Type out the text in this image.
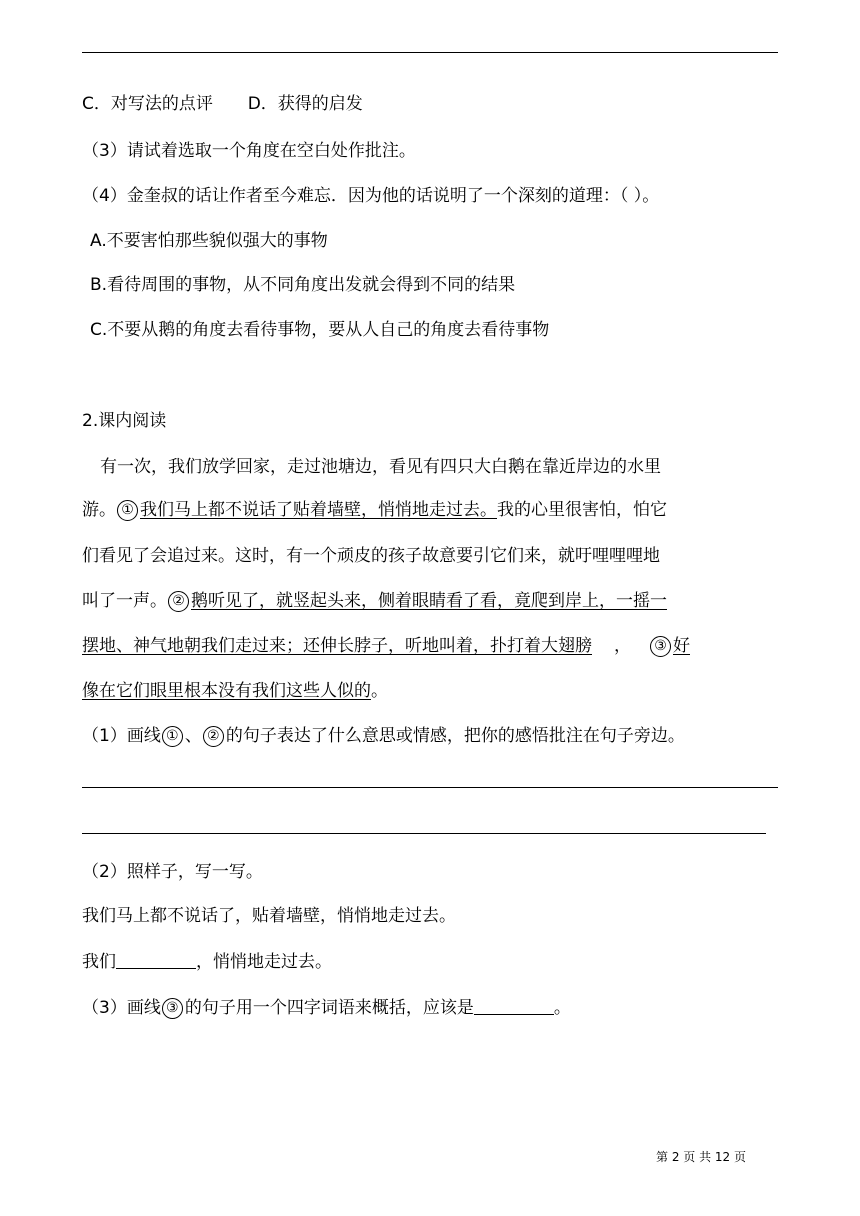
C．对写法的点评 D．获得的启发
（3）请试着选取一个角度在空白处作批注。
（4）金奎叔的话让作者至今难忘．因为他的话说明了一个深刻的道理：（ ）。
A.不要害怕那些貌似强大的事物
B.看待周围的事物，从不同角度出发就会得到不同的结果
C.不要从鹅的角度去看待事物，要从人自己的角度去看待事物
2.课内阅读
有一次，我们放学回家，走过池塘边，看见有四只大白鹅在靠近岸边的水里
游。 ① 我们马上都不说话了贴着墙壁，悄悄地走过去。我的心里很害怕，怕它
们看见了会追过来。这时，有一个顽皮的孩子故意要引它们来，就吁哩哩哩地
叫了一声。 ② 鹅听见了，就竖起头来，侧着眼睛看了看，竟爬到岸上，一摇一
摆地、神气地朝我们走过来；还伸长脖子，听地叫着，扑打着大翅膀 ， ③ 好
像在它们眼里根本没有我们这些人似的。
（1）画线 ① 、 ② 的句子表达了什么意思或情感，把你的感悟批注在句子旁边。
（2）照样子，写一写。
我们马上都不说话了，贴着墙壁，悄悄地走过去。
我们	，悄悄地走过去。
（3）画线 ③ 的句子用一个四字词语来概括，应该是	。
第 2 页 共 12 页
